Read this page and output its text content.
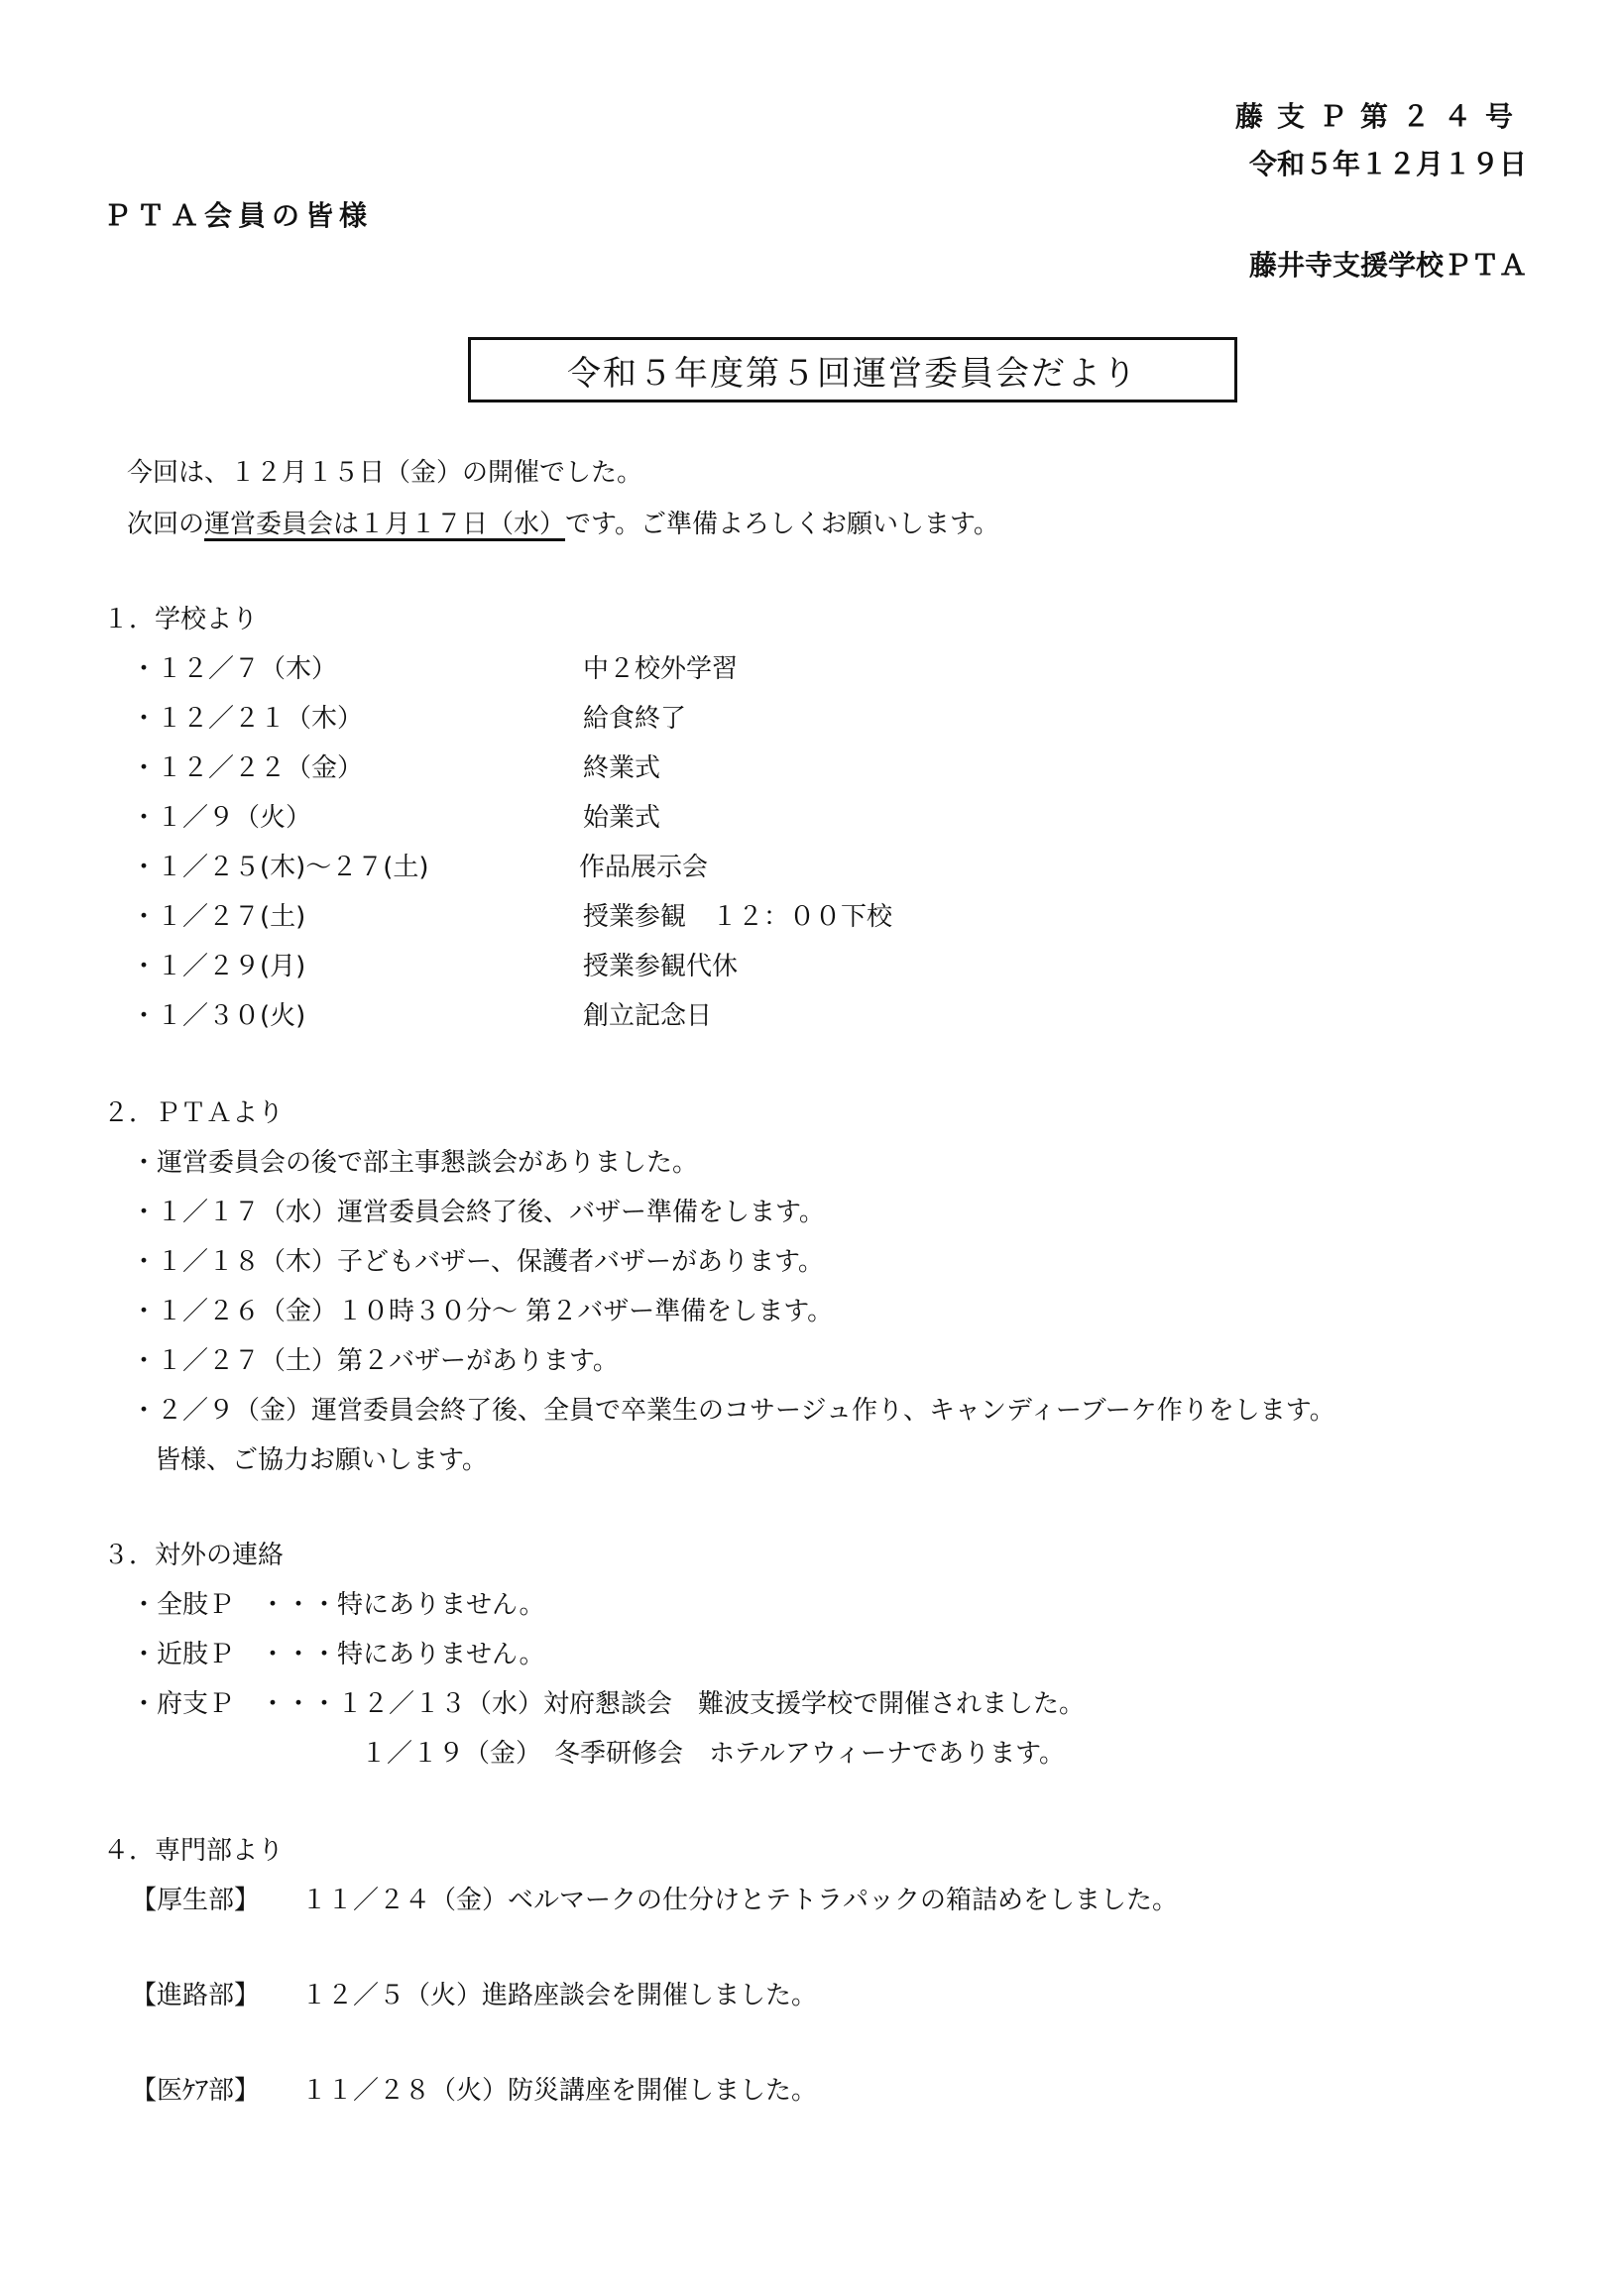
藤支Ｐ第２４号
令和５年１２月１９日
ＰＴＡ会員の皆様
藤井寺支援学校ＰＴＡ
令和５年度第５回運営委員会だより
今回は、１２月１５日（金）の開催でした。
次回の運営委員会は１月１７日（水）です。ご準備よろしくお願いします。
１．学校より
・１２／７（木）	中２校外学習
・１２／２１（木）	給食終了
・１２／２２（金）	終業式
・１／９（火）	始業式
・１／２５(木)～２７(土)	作品展示会
・１／２７(土)	授業参観　１２：００下校
・１／２９(月)	授業参観代休
・１／３０(火)	創立記念日
２．ＰＴＡより
・運営委員会の後で部主事懇談会がありました。
・１／１７（水）運営委員会終了後、バザー準備をします。
・１／１８（木）子どもバザー、保護者バザーがあります。
・１／２６（金）１０時３０分～ 第２バザー準備をします。
・１／２７（土）第２バザーがあります。
・２／９（金）運営委員会終了後、全員で卒業生のコサージュ作り、キャンディーブーケ作りをします。
皆様、ご協力お願いします。
３．対外の連絡
・全肢Ｐ　・・・特にありません。
・近肢Ｐ　・・・特にありません。
・府支Ｐ　・・・１２／１３（水）対府懇談会　難波支援学校で開催されました。
１／１９（金）　冬季研修会　ホテルアウィーナであります。
４．専門部より
【厚生部】 １１／２４（金）ベルマークの仕分けとテトラパックの箱詰めをしました。
【進路部】 １２／５（火）進路座談会を開催しました。
【医ｹｱ部】 １１／２８（火）防災講座を開催しました。
